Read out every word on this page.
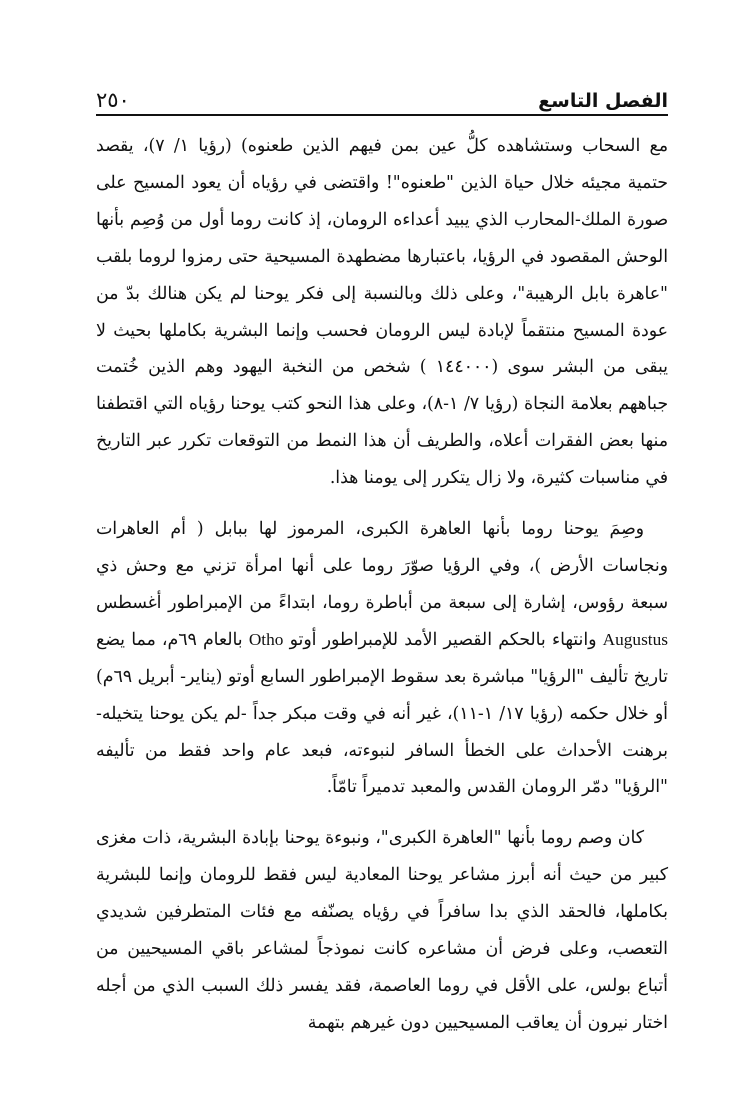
الفصل التاسع
٢٥٠

مع السحاب وستشاهده كلُّ عين بمن فيهم الذين طعنوه) (رؤيا ١/ ٧)، يقصد حتمية مجيئه خلال حياة الذين "طعنوه"! واقتضى في رؤياه أن يعود المسيح على صورة الملك-المحارب الذي يبيد أعداءه الرومان، إذ كانت روما أول من وُصِم بأنها الوحش المقصود في الرؤيا، باعتبارها مضطهدة المسيحية حتى رمزوا لروما بلقب "عاهرة بابل الرهيبة"، وعلى ذلك وبالنسبة إلى فكر يوحنا لم يكن هنالك بدّ من عودة المسيح منتقماً لإبادة ليس الرومان فحسب وإنما البشرية بكاملها بحيث لا يبقى من البشر سوى (١٤٤٠٠٠ ) شخص من النخبة اليهود وهم الذين خُتمت جباههم بعلامة النجاة (رؤيا ٧/ ١-٨)، وعلى هذا النحو كتب يوحنا رؤياه التي اقتطفنا منها بعض الفقرات أعلاه، والطريف أن هذا النمط من التوقعات تكرر عبر التاريخ في مناسبات كثيرة، ولا زال يتكرر إلى يومنا هذا.

وصِمَ يوحنا روما بأنها العاهرة الكبرى، المرموز لها ببابل ( أم العاهرات ونجاسات الأرض )، وفي الرؤيا صوّرَ روما على أنها امرأة تزني مع وحش ذي سبعة رؤوس، إشارة إلى سبعة من أباطرة روما، ابتداءً من الإمبراطور أغسطس Augustus وانتهاء بالحكم القصير الأمد للإمبراطور أوتو Otho بالعام ٦٩م، مما يضع تاريخ تأليف "الرؤيا" مباشرة بعد سقوط الإمبراطور السابع أوتو (يناير- أبريل ٦٩م) أو خلال حكمه (رؤيا ١٧/ ١-١١)، غير أنه في وقت مبكر جداً -لم يكن يوحنا يتخيله- برهنت الأحداث على الخطأ السافر لنبوءته، فبعد عام واحد فقط من تأليفه "الرؤيا" دمّر الرومان القدس والمعبد تدميراً تامّاً.

كان وصم روما بأنها "العاهرة الكبرى"، ونبوءة يوحنا بإبادة البشرية، ذات مغزى كبير من حيث أنه أبرز مشاعر يوحنا المعادية ليس فقط للرومان وإنما للبشرية بكاملها، فالحقد الذي بدا سافراً في رؤياه يصنّفه مع فئات المتطرفين شديدي التعصب، وعلى فرض أن مشاعره كانت نموذجاً لمشاعر باقي المسيحيين من أتباع بولس، على الأقل في روما العاصمة، فقد يفسر ذلك السبب الذي من أجله اختار نيرون أن يعاقب المسيحيين دون غيرهم بتهمة
